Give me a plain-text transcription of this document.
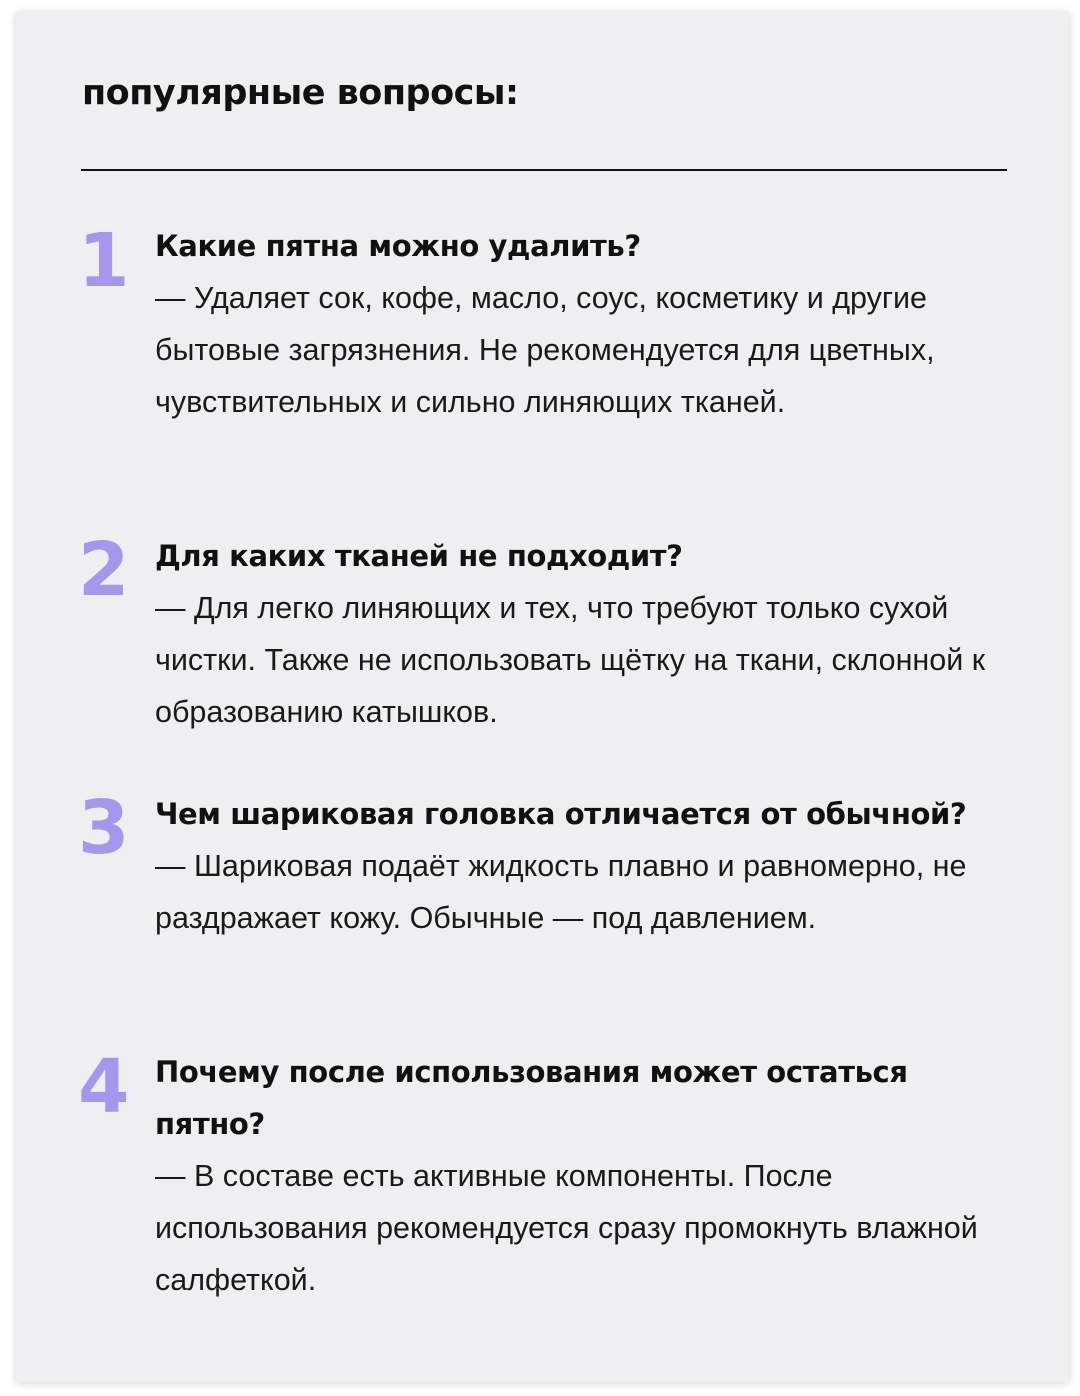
популярные вопросы:
1 Какие пятна можно удалить?

— Удаляет сок, кофе, масло, соус, косметику и другие бытовые загрязнения. Не рекомендуется для цветных, чувствительных и сильно линяющих тканей.

2 Для каких тканей не подходит?

— Для легко линяющих и тех, что требуют только сухой чистки. Также не использовать щётку на ткани, склонной к образованию катышков.

3 Чем шариковая головка отличается от обычной?

— Шариковая подаёт жидкость плавно и равномерно, не раздражает кожу. Обычные — под давлением.

4 Почему после использования может остаться пятно?

— В составе есть активные компоненты. После использования рекомендуется сразу промокнуть влажной салфеткой.
